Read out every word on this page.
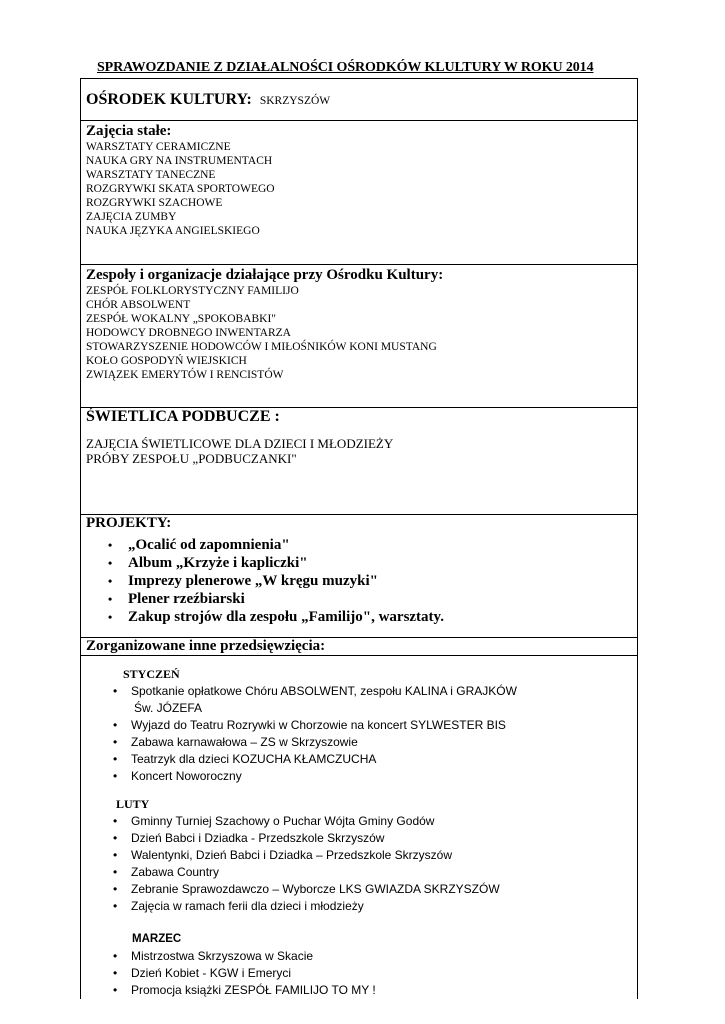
SPRAWOZDANIE Z DZIAŁALNOŚCI OŚRODKÓW KLULTURY W ROKU 2014
OŚRODEK KULTURY: SKRZYSZÓW
Zajęcia stałe:
WARSZTATY CERAMICZNE
NAUKA GRY NA INSTRUMENTACH
WARSZTATY TANECZNE
ROZGRYWKI SKATA SPORTOWEGO
ROZGRYWKI SZACHOWE
ZAJĘCIA ZUMBY
NAUKA JĘZYKA ANGIELSKIEGO
Zespoły i organizacje działające przy Ośrodku Kultury:
ZESPÓŁ FOLKLORYSTYCZNY FAMILIJO
CHÓR ABSOLWENT
ZESPÓŁ WOKALNY „SPOKOBABKI"
HODOWCY DROBNEGO INWENTARZA
STOWARZYSZENIE HODOWCÓW I MIŁOŚNIKÓW KONI MUSTANG
KOŁO GOSPODYŃ WIEJSKICH
ZWIĄZEK EMERYTÓW I RENCISTÓW
ŚWIETLICA PODBUCZE :
ZAJĘCIA ŚWIETLICOWE DLA DZIECI I MŁODZIEŻY
PRÓBY ZESPOŁU „PODBUCZANKI"
PROJEKTY:
• „Ocalić od zapomnienia"
• Album „Krzyże i kapliczki"
• Imprezy plenerowe „W kręgu muzyki"
• Plener rzeźbiarski
• Zakup strojów dla zespołu „Familijo", warsztaty.
Zorganizowane inne przedsięwzięcia:
STYCZEŃ
• Spotkanie opłatkowe Chóru ABSOLWENT, zespołu KALINA i GRAJKÓW
Św. JÓZEFA
• Wyjazd do Teatru Rozrywki w Chorzowie na koncert SYLWESTER BIS
• Zabawa karnawałowa – ZS w Skrzyszowie
• Teatrzyk dla dzieci KOZUCHA KŁAMCZUCHA
• Koncert Noworoczny
LUTY
• Gminny Turniej Szachowy o Puchar Wójta Gminy Godów
• Dzień Babci i Dziadka - Przedszkole Skrzyszów
• Walentynki, Dzień Babci i Dziadka – Przedszkole Skrzyszów
• Zabawa Country
• Zebranie Sprawozdawczo – Wyborcze LKS GWIAZDA SKRZYSZÓW
• Zajęcia w ramach ferii dla dzieci i młodzieży
MARZEC
• Mistrzostwa Skrzyszowa w Skacie
• Dzień Kobiet - KGW i Emeryci
• Promocja książki ZESPÓŁ FAMILIJO TO MY !
